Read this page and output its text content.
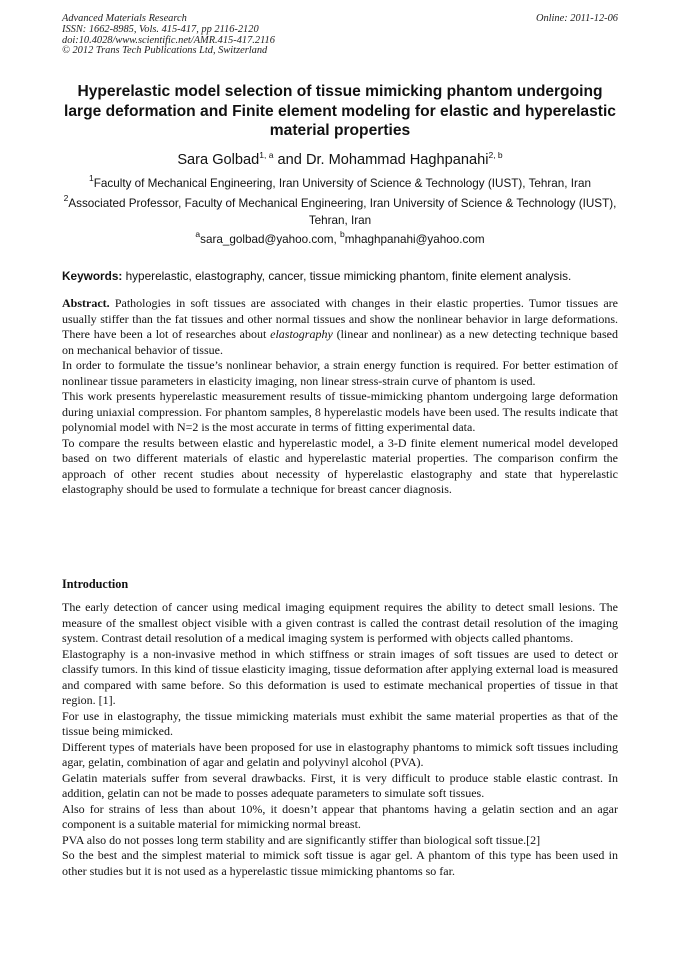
Advanced Materials Research
ISSN: 1662-8985, Vols. 415-417, pp 2116-2120
doi:10.4028/www.scientific.net/AMR.415-417.2116
© 2012 Trans Tech Publications Ltd, Switzerland
Online: 2011-12-06
Hyperelastic model selection of tissue mimicking phantom undergoing large deformation and Finite element modeling for elastic and hyperelastic material properties
Sara Golbad$^{1, a}$ and Dr. Mohammad Haghpanahi$^{2, b}$
$^1$Faculty of Mechanical Engineering, Iran University of Science & Technology (IUST), Tehran, Iran
$^2$Associated Professor, Faculty of Mechanical Engineering, Iran University of Science & Technology (IUST), Tehran, Iran
$^a$sara_golbad@yahoo.com, $^b$mhaghpanahi@yahoo.com
Keywords: hyperelastic, elastography, cancer, tissue mimicking phantom, finite element analysis.

Abstract. Pathologies in soft tissues are associated with changes in their elastic properties. Tumor tissues are usually stiffer than the fat tissues and other normal tissues and show the nonlinear behavior in large deformations. There have been a lot of researches about elastography (linear and nonlinear) as a new detecting technique based on mechanical behavior of tissue.

In order to formulate the tissue’s nonlinear behavior, a strain energy function is required. For better estimation of nonlinear tissue parameters in elasticity imaging, non linear stress-strain curve of phantom is used.

This work presents hyperelastic measurement results of tissue-mimicking phantom undergoing large deformation during uniaxial compression. For phantom samples, 8 hyperelastic models have been used. The results indicate that polynomial model with N=2 is the most accurate in terms of fitting experimental data.

To compare the results between elastic and hyperelastic model, a 3-D finite element numerical model developed based on two different materials of elastic and hyperelastic material properties. The comparison confirm the approach of other recent studies about necessity of hyperelastic elastography and state that hyperelastic elastography should be used to formulate a technique for breast cancer diagnosis.

Introduction

The early detection of cancer using medical imaging equipment requires the ability to detect small lesions. The measure of the smallest object visible with a given contrast is called the contrast detail resolution of the imaging system. Contrast detail resolution of a medical imaging system is performed with objects called phantoms.

Elastography is a non-invasive method in which stiffness or strain images of soft tissues are used to detect or classify tumors. In this kind of tissue elasticity imaging, tissue deformation after applying external load is measured and compared with same before. So this deformation is used to estimate mechanical properties of tissue in that region. [1].

For use in elastography, the tissue mimicking materials must exhibit the same material properties as that of the tissue being mimicked.

Different types of materials have been proposed for use in elastography phantoms to mimick soft tissues including agar, gelatin, combination of agar and gelatin and polyvinyl alcohol (PVA).

Gelatin materials suffer from several drawbacks. First, it is very difficult to produce stable elastic contrast. In addition, gelatin can not be made to posses adequate parameters to simulate soft tissues.

Also for strains of less than about 10%, it doesn’t appear that phantoms having a gelatin section and an agar component is a suitable material for mimicking normal breast.

PVA also do not posses long term stability and are significantly stiffer than biological soft tissue.[2]

So the best and the simplest material to mimick soft tissue is agar gel. A phantom of this type has been used in other studies but it is not used as a hyperelastic tissue mimicking phantoms so far.
